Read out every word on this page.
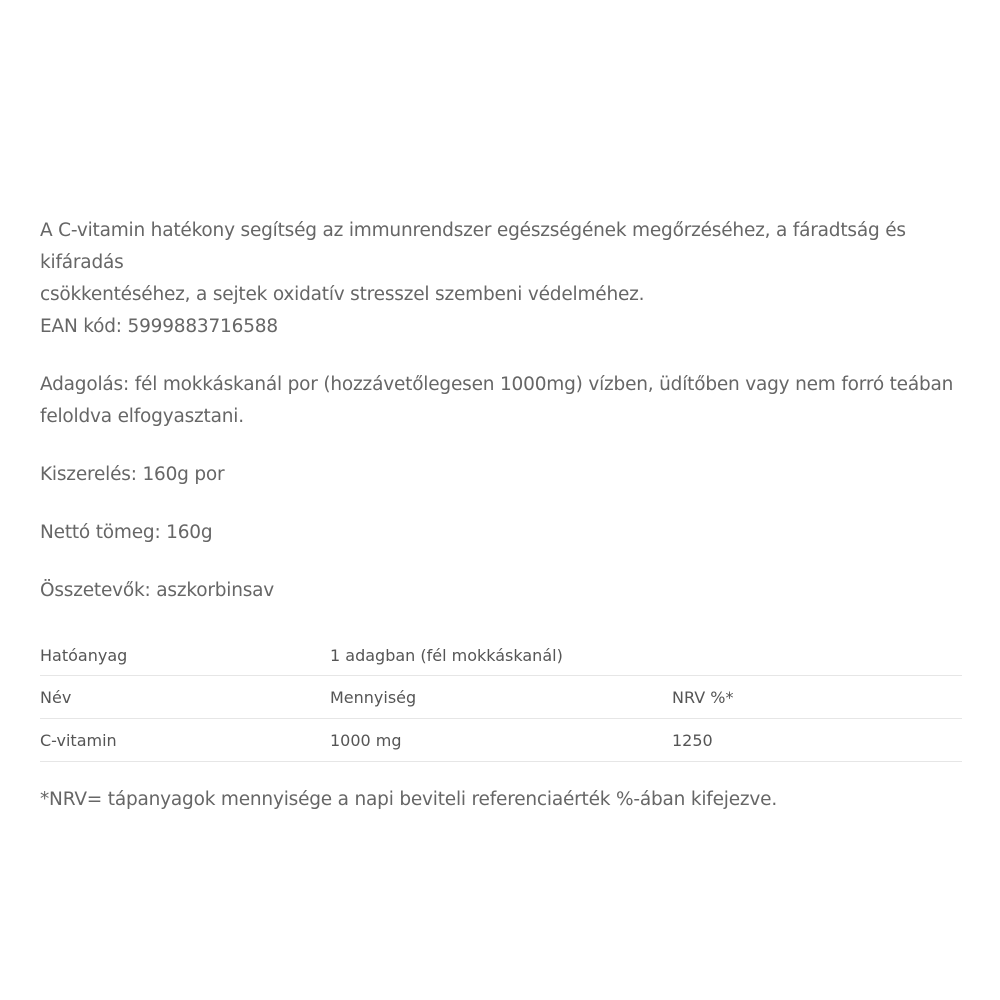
A C-vitamin hatékony segítség az immunrendszer egészségének megőrzéséhez, a fáradtság és kifáradás
csökkentéséhez, a sejtek oxidatív stresszel szembeni védelméhez.
EAN kód: 5999883716588

Adagolás: fél mokkáskanál por (hozzávetőlegesen 1000mg) vízben, üdítőben vagy nem forró teában
feloldva elfogyasztani.

Kiszerelés: 160g por

Nettó tömeg: 160g

Összetevők: aszkorbinsav

Hatóanyag	1 adagban (fél mokkáskanál)	
Név	Mennyiség	NRV %*
C-vitamin	1000 mg	1250

*NRV= tápanyagok mennyisége a napi beviteli referenciaérték %-ában kifejezve.
